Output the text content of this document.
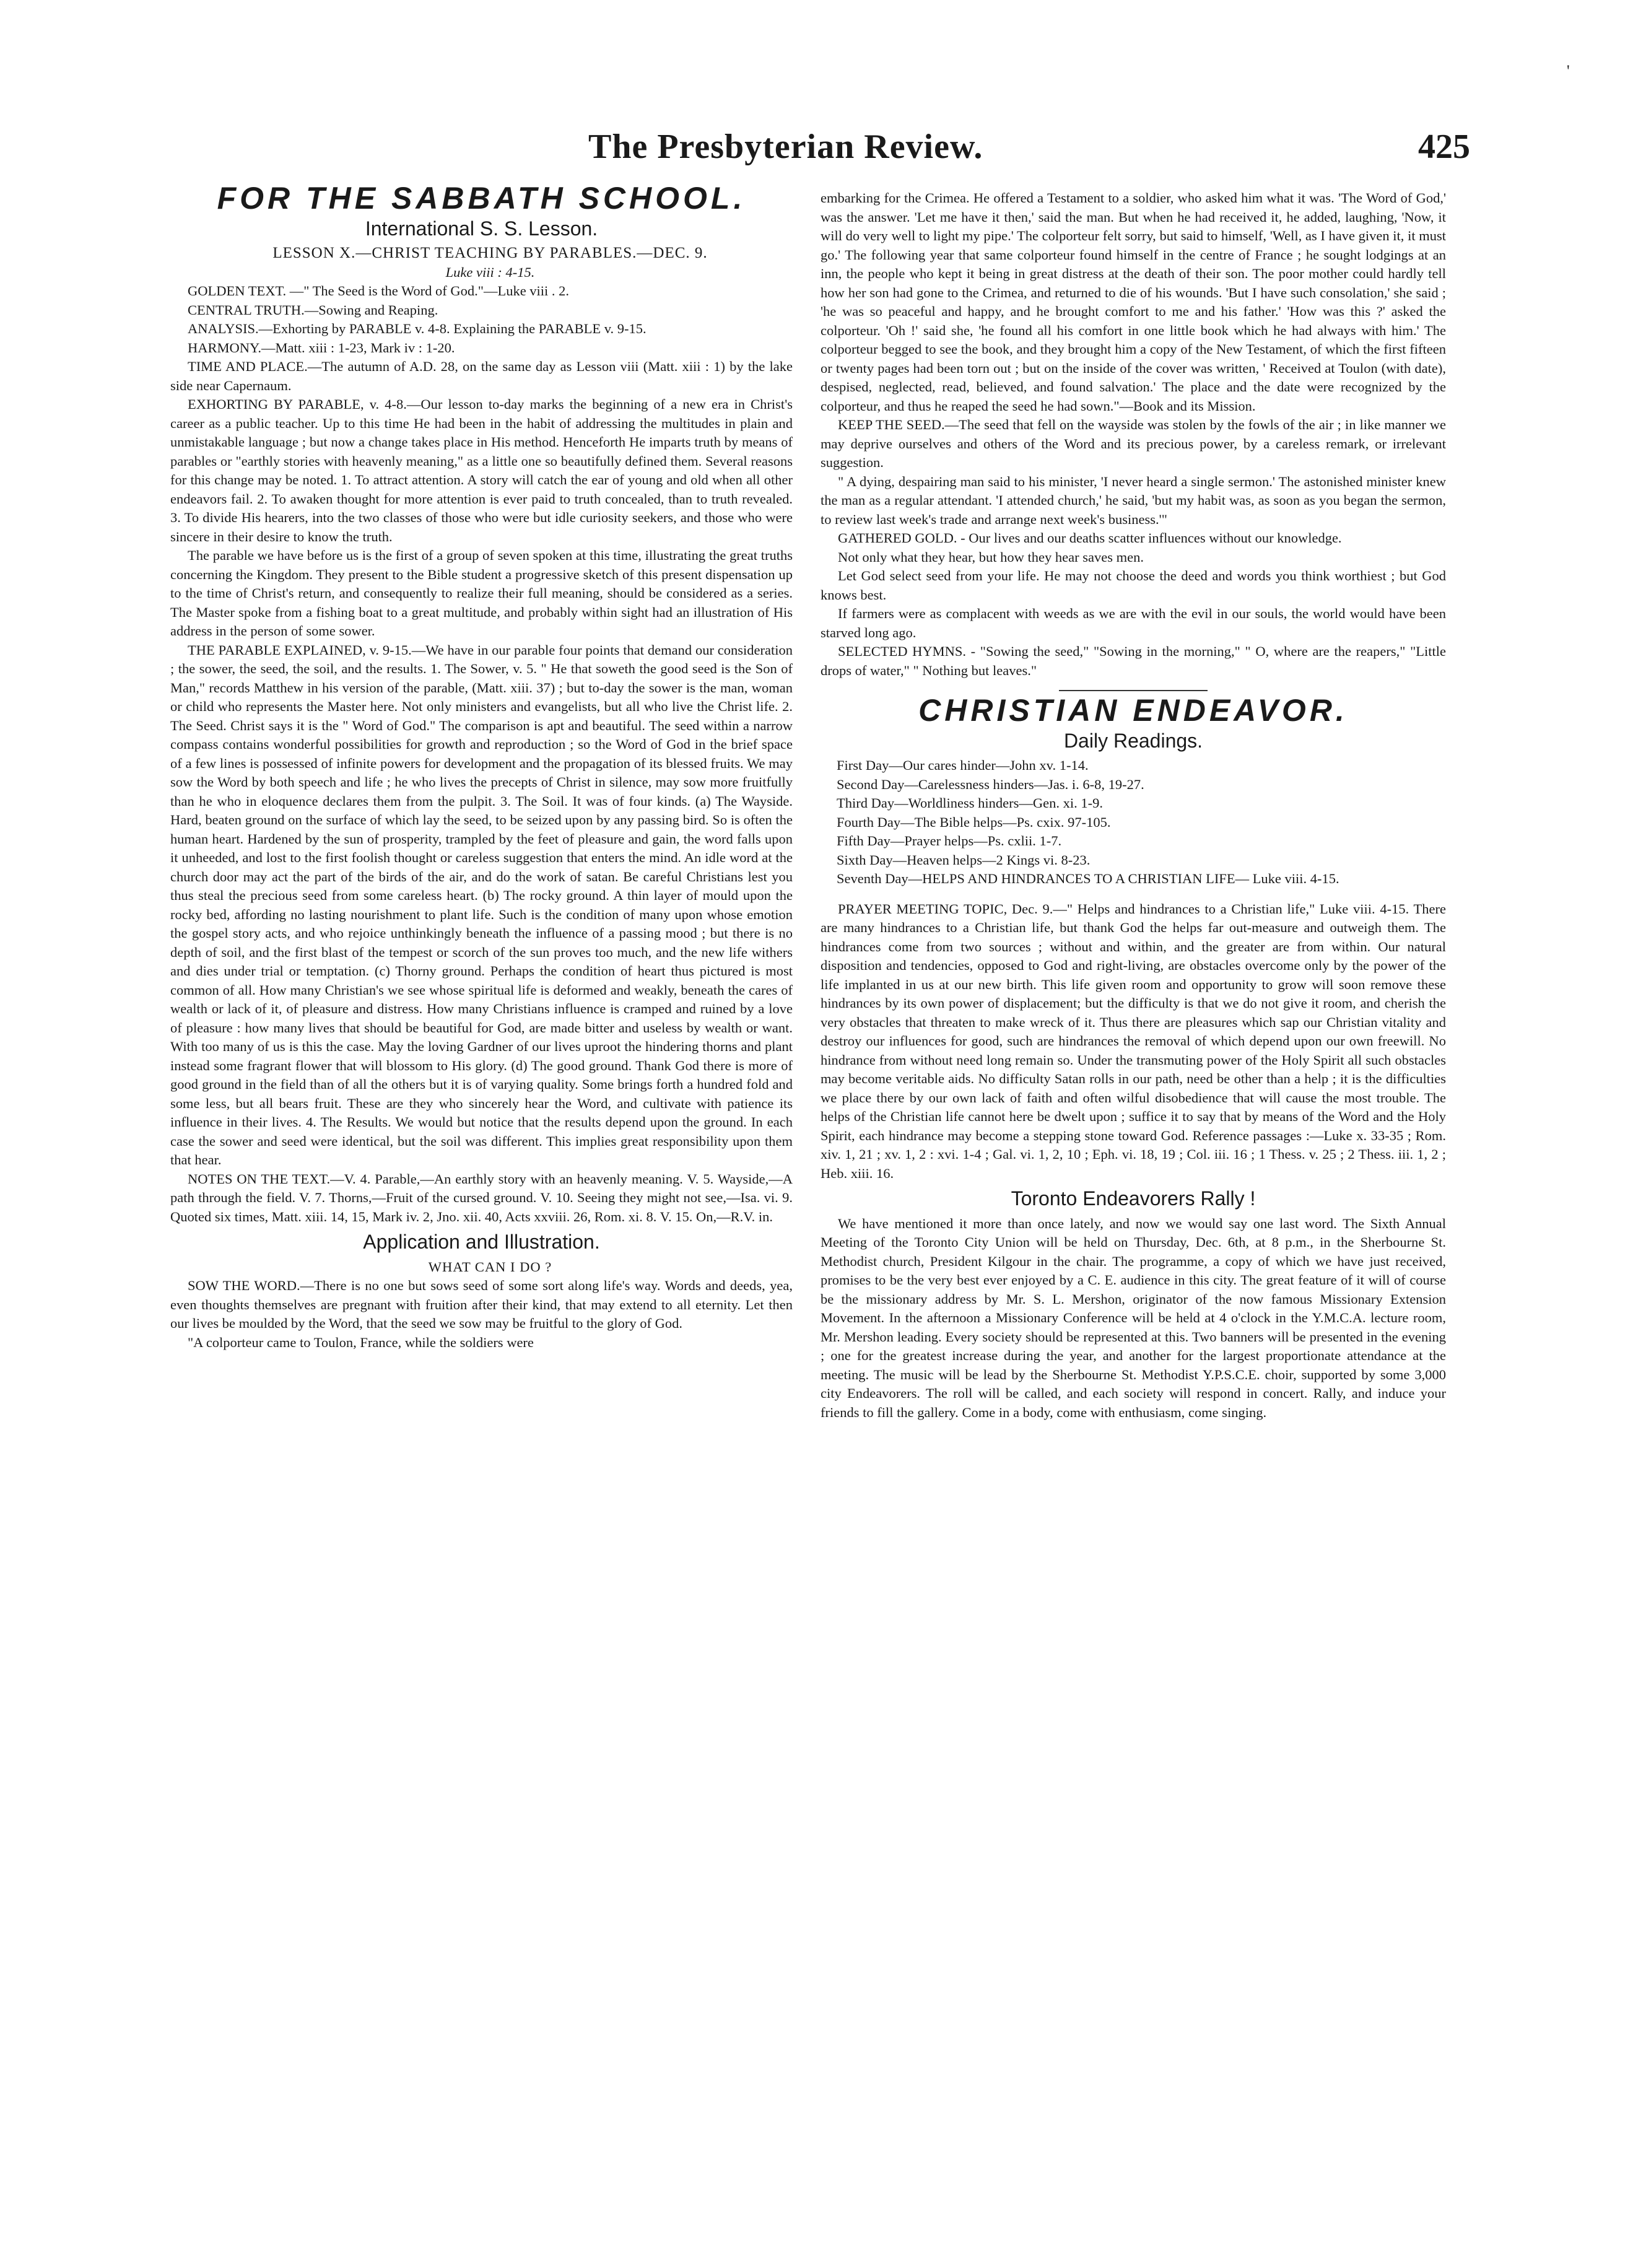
'
The Presbyterian Review.	425
FOR THE SABBATH SCHOOL.
International S. S. Lesson.

LESSON X.—CHRIST TEACHING BY PARABLES.—DEC. 9.

Luke viii : 4-15.

GOLDEN TEXT. —" The Seed is the Word of God."—Luke viii . 2.

CENTRAL TRUTH.—Sowing and Reaping.

ANALYSIS.—Exhorting by PARABLE v. 4-8. Explaining the PARABLE v. 9-15.

HARMONY.—Matt. xiii : 1-23, Mark iv : 1-20.

TIME AND PLACE.—The autumn of A.D. 28, on the same day as Lesson viii (Matt. xiii : 1) by the lake side near Capernaum.

EXHORTING BY PARABLE, v. 4-8.—Our lesson to-day marks the beginning of a new era in Christ's career as a public teacher. Up to this time He had been in the habit of addressing the multitudes in plain and unmistakable language ; but now a change takes place in His method. Henceforth He imparts truth by means of parables or "earthly stories with heavenly meaning," as a little one so beautifully defined them. Several reasons for this change may be noted. 1. To attract attention. A story will catch the ear of young and old when all other endeavors fail. 2. To awaken thought for more attention is ever paid to truth concealed, than to truth revealed. 3. To divide His hearers, into the two classes of those who were but idle curiosity seekers, and those who were sincere in their desire to know the truth.

The parable we have before us is the first of a group of seven spoken at this time, illustrating the great truths concerning the Kingdom. They present to the Bible student a progressive sketch of this present dispensation up to the time of Christ's return, and consequently to realize their full meaning, should be considered as a series. The Master spoke from a fishing boat to a great multitude, and probably within sight had an illustration of His address in the person of some sower.

THE PARABLE EXPLAINED, v. 9-15.—We have in our parable four points that demand our consideration ; the sower, the seed, the soil, and the results. 1. The Sower, v. 5. " He that soweth the good seed is the Son of Man," records Matthew in his version of the parable, (Matt. xiii. 37) ; but to-day the sower is the man, woman or child who represents the Master here. Not only ministers and evangelists, but all who live the Christ life. 2. The Seed. Christ says it is the " Word of God." The comparison is apt and beautiful. The seed within a narrow compass contains wonderful possibilities for growth and reproduction ; so the Word of God in the brief space of a few lines is possessed of infinite powers for development and the propagation of its blessed fruits. We may sow the Word by both speech and life ; he who lives the precepts of Christ in silence, may sow more fruitfully than he who in eloquence declares them from the pulpit. 3. The Soil. It was of four kinds. (a) The Wayside. Hard, beaten ground on the surface of which lay the seed, to be seized upon by any passing bird. So is often the human heart. Hardened by the sun of prosperity, trampled by the feet of pleasure and gain, the word falls upon it unheeded, and lost to the first foolish thought or careless suggestion that enters the mind. An idle word at the church door may act the part of the birds of the air, and do the work of satan. Be careful Christians lest you thus steal the precious seed from some careless heart. (b) The rocky ground. A thin layer of mould upon the rocky bed, affording no lasting nourishment to plant life. Such is the condition of many upon whose emotion the gospel story acts, and who rejoice unthinkingly beneath the influence of a passing mood ; but there is no depth of soil, and the first blast of the tempest or scorch of the sun proves too much, and the new life withers and dies under trial or temptation. (c) Thorny ground. Perhaps the condition of heart thus pictured is most common of all. How many Christian's we see whose spiritual life is deformed and weakly, beneath the cares of wealth or lack of it, of pleasure and distress. How many Christians influence is cramped and ruined by a love of pleasure : how many lives that should be beautiful for God, are made bitter and useless by wealth or want. With too many of us is this the case. May the loving Gardner of our lives uproot the hindering thorns and plant instead some fragrant flower that will blossom to His glory. (d) The good ground. Thank God there is more of good ground in the field than of all the others but it is of varying quality. Some brings forth a hundred fold and some less, but all bears fruit. These are they who sincerely hear the Word, and cultivate with patience its influence in their lives. 4. The Results. We would but notice that the results depend upon the ground. In each case the sower and seed were identical, but the soil was different. This implies great responsibility upon them that hear.

NOTES ON THE TEXT.—V. 4. Parable,—An earthly story with an heavenly meaning. V. 5. Wayside,—A path through the field. V. 7. Thorns,—Fruit of the cursed ground. V. 10. Seeing they might not see,—Isa. vi. 9. Quoted six times, Matt. xiii. 14, 15, Mark iv. 2, Jno. xii. 40, Acts xxviii. 26, Rom. xi. 8. V. 15. On,—R.V. in.

Application and Illustration.

WHAT CAN I DO ?

SOW THE WORD.—There is no one but sows seed of some sort along life's way. Words and deeds, yea, even thoughts themselves are pregnant with fruition after their kind, that may extend to all eternity. Let then our lives be moulded by the Word, that the seed we sow may be fruitful to the glory of God.

"A colporteur came to Toulon, France, while the soldiers were

embarking for the Crimea. He offered a Testament to a soldier, who asked him what it was. 'The Word of God,' was the answer. 'Let me have it then,' said the man. But when he had received it, he added, laughing, 'Now, it will do very well to light my pipe.' The colporteur felt sorry, but said to himself, 'Well, as I have given it, it must go.' The following year that same colporteur found himself in the centre of France ; he sought lodgings at an inn, the people who kept it being in great distress at the death of their son. The poor mother could hardly tell how her son had gone to the Crimea, and returned to die of his wounds. 'But I have such consolation,' she said ; 'he was so peaceful and happy, and he brought comfort to me and his father.' 'How was this ?' asked the colporteur. 'Oh !' said she, 'he found all his comfort in one little book which he had always with him.' The colporteur begged to see the book, and they brought him a copy of the New Testament, of which the first fifteen or twenty pages had been torn out ; but on the inside of the cover was written, ' Received at Toulon (with date), despised, neglected, read, believed, and found salvation.' The place and the date were recognized by the colporteur, and thus he reaped the seed he had sown."—Book and its Mission.

KEEP THE SEED.—The seed that fell on the wayside was stolen by the fowls of the air ; in like manner we may deprive ourselves and others of the Word and its precious power, by a careless remark, or irrelevant suggestion.

" A dying, despairing man said to his minister, 'I never heard a single sermon.' The astonished minister knew the man as a regular attendant. 'I attended church,' he said, 'but my habit was, as soon as you began the sermon, to review last week's trade and arrange next week's business.'"

GATHERED GOLD. - Our lives and our deaths scatter influences without our knowledge.

Not only what they hear, but how they hear saves men.

Let God select seed from your life. He may not choose the deed and words you think worthiest ; but God knows best.

If farmers were as complacent with weeds as we are with the evil in our souls, the world would have been starved long ago.

SELECTED HYMNS. - "Sowing the seed," "Sowing in the morning," " O, where are the reapers," "Little drops of water," " Nothing but leaves."

CHRISTIAN ENDEAVOR.
Daily Readings.
First Day—Our cares hinder—John xv. 1-14.
Second Day—Carelessness hinders—Jas. i. 6-8, 19-27.
Third Day—Worldliness hinders—Gen. xi. 1-9.
Fourth Day—The Bible helps—Ps. cxix. 97-105.
Fifth Day—Prayer helps—Ps. cxlii. 1-7.
Sixth Day—Heaven helps—2 Kings vi. 8-23.
Seventh Day—HELPS AND HINDRANCES TO A CHRISTIAN LIFE— Luke viii. 4-15.

PRAYER MEETING TOPIC, Dec. 9.—" Helps and hindrances to a Christian life," Luke viii. 4-15. There are many hindrances to a Christian life, but thank God the helps far out-measure and outweigh them. The hindrances come from two sources ; without and within, and the greater are from within. Our natural disposition and tendencies, opposed to God and right-living, are obstacles overcome only by the power of the life implanted in us at our new birth. This life given room and opportunity to grow will soon remove these hindrances by its own power of displacement; but the difficulty is that we do not give it room, and cherish the very obstacles that threaten to make wreck of it. Thus there are pleasures which sap our Christian vitality and destroy our influences for good, such are hindrances the removal of which depend upon our own freewill. No hindrance from without need long remain so. Under the transmuting power of the Holy Spirit all such obstacles may become veritable aids. No difficulty Satan rolls in our path, need be other than a help ; it is the difficulties we place there by our own lack of faith and often wilful disobedience that will cause the most trouble. The helps of the Christian life cannot here be dwelt upon ; suffice it to say that by means of the Word and the Holy Spirit, each hindrance may become a stepping stone toward God. Reference passages :—Luke x. 33-35 ; Rom. xiv. 1, 21 ; xv. 1, 2 : xvi. 1-4 ; Gal. vi. 1, 2, 10 ; Eph. vi. 18, 19 ; Col. iii. 16 ; 1 Thess. v. 25 ; 2 Thess. iii. 1, 2 ; Heb. xiii. 16.

Toronto Endeavorers Rally !

We have mentioned it more than once lately, and now we would say one last word. The Sixth Annual Meeting of the Toronto City Union will be held on Thursday, Dec. 6th, at 8 p.m., in the Sherbourne St. Methodist church, President Kilgour in the chair. The programme, a copy of which we have just received, promises to be the very best ever enjoyed by a C. E. audience in this city. The great feature of it will of course be the missionary address by Mr. S. L. Mershon, originator of the now famous Missionary Extension Movement. In the afternoon a Missionary Conference will be held at 4 o'clock in the Y.M.C.A. lecture room, Mr. Mershon leading. Every society should be represented at this. Two banners will be presented in the evening ; one for the greatest increase during the year, and another for the largest proportionate attendance at the meeting. The music will be lead by the Sherbourne St. Methodist Y.P.S.C.E. choir, supported by some 3,000 city Endeavorers. The roll will be called, and each society will respond in concert. Rally, and induce your friends to fill the gallery. Come in a body, come with enthusiasm, come singing.
